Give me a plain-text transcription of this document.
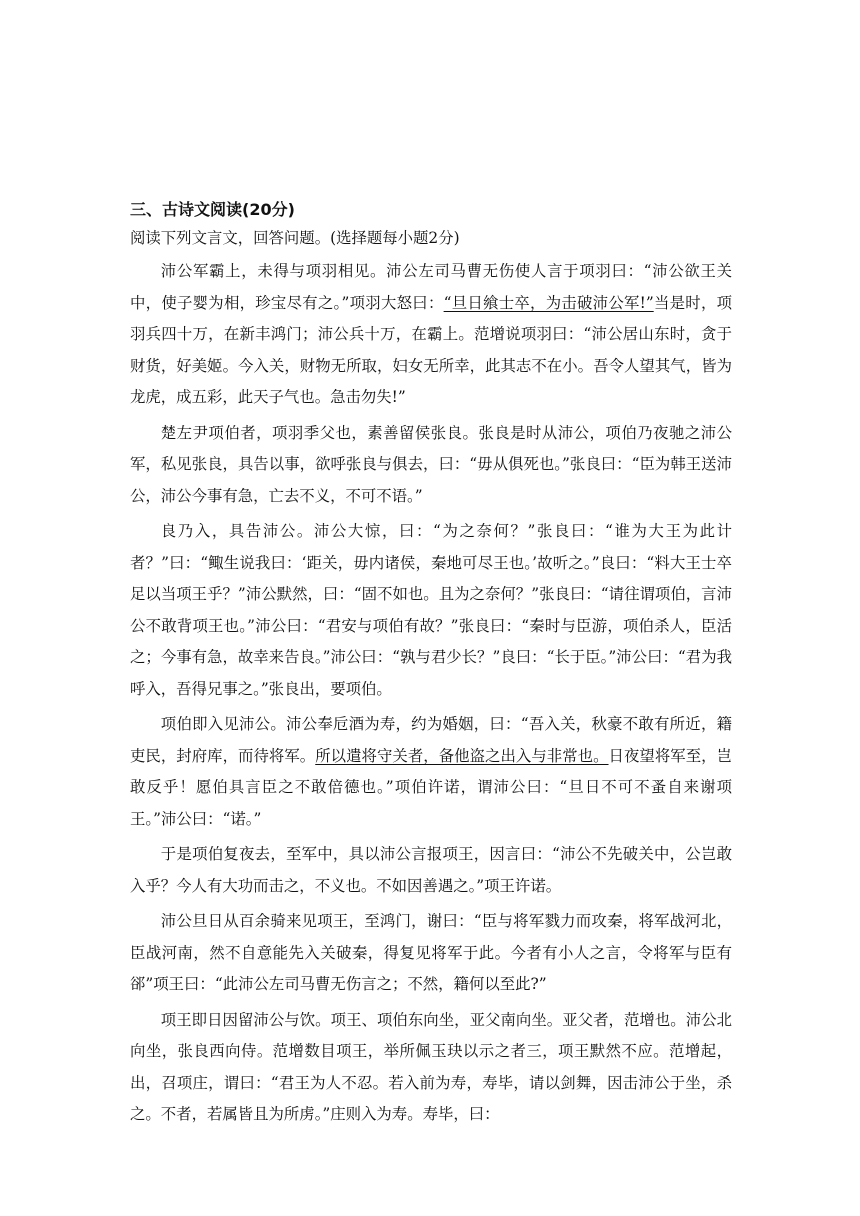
三、古诗文阅读(20分)

阅读下列文言文，回答问题。(选择题每小题2分)

沛公军霸上，未得与项羽相见。沛公左司马曹无伤使人言于项羽曰：“沛公欲王关中，使子婴为相，珍宝尽有之。”项羽大怒曰：“旦日飨士卒，为击破沛公军!”当是时，项羽兵四十万，在新丰鸿门；沛公兵十万，在霸上。范增说项羽曰：“沛公居山东时，贪于财货，好美姬。今入关，财物无所取，妇女无所幸，此其志不在小。吾令人望其气，皆为龙虎，成五彩，此天子气也。急击勿失!”

楚左尹项伯者，项羽季父也，素善留侯张良。张良是时从沛公，项伯乃夜驰之沛公军，私见张良，具告以事，欲呼张良与俱去，曰：“毋从俱死也。”张良曰：“臣为韩王送沛公，沛公今事有急，亡去不义，不可不语。”

良乃入，具告沛公。沛公大惊，曰：“为之奈何？”张良曰：“谁为大王为此计者？”曰：“鲰生说我曰：‘距关，毋内诸侯，秦地可尽王也。’故听之。”良曰：“料大王士卒足以当项王乎？”沛公默然，曰：“固不如也。且为之奈何？”张良曰：“请往谓项伯，言沛公不敢背项王也。”沛公曰：“君安与项伯有故？”张良曰：“秦时与臣游，项伯杀人，臣活之；今事有急，故幸来告良。”沛公曰：“孰与君少长？”良曰：“长于臣。”沛公曰：“君为我呼入，吾得兄事之。”张良出，要项伯。

项伯即入见沛公。沛公奉卮酒为寿，约为婚姻，曰：“吾入关，秋豪不敢有所近，籍吏民，封府库，而待将军。所以遣将守关者，备他盗之出入与非常也。日夜望将军至，岂敢反乎！愿伯具言臣之不敢倍德也。”项伯许诺，谓沛公曰：“旦日不可不蚤自来谢项王。”沛公曰：“诺。”

于是项伯复夜去，至军中，具以沛公言报项王，因言曰：“沛公不先破关中，公岂敢入乎？今人有大功而击之，不义也。不如因善遇之。”项王许诺。

沛公旦日从百余骑来见项王，至鸿门，谢曰：“臣与将军戮力而攻秦，将军战河北，臣战河南，然不自意能先入关破秦，得复见将军于此。今者有小人之言，令将军与臣有郤”项王曰：“此沛公左司马曹无伤言之；不然，籍何以至此?”

项王即日因留沛公与饮。项王、项伯东向坐，亚父南向坐。亚父者，范增也。沛公北向坐，张良西向侍。范增数目项王，举所佩玉玦以示之者三，项王默然不应。范增起，出，召项庄，谓曰：“君王为人不忍。若入前为寿，寿毕，请以剑舞，因击沛公于坐，杀之。不者，若属皆且为所虏。”庄则入为寿。寿毕，曰：
